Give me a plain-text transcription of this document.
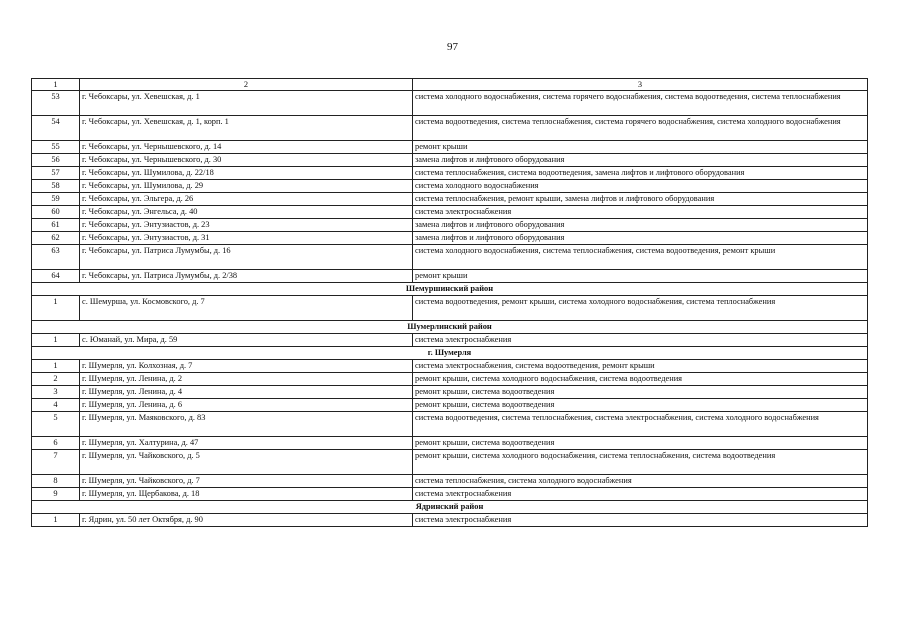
97
1	2	3
53	г. Чебоксары, ул. Хевешская, д. 1	система холодного водоснабжения, система горячего водоснабжения, система водоотведения, система теплоснабжения
54	г. Чебоксары, ул. Хевешская, д. 1, корп. 1	система водоотведения, система теплоснабжения, система горячего водоснабжения, система холодного водоснабжения
55	г. Чебоксары, ул. Чернышевского, д. 14	ремонт крыши
56	г. Чебоксары, ул. Чернышевского, д. 30	замена лифтов и лифтового оборудования
57	г. Чебоксары, ул. Шумилова, д. 22/18	система теплоснабжения, система водоотведения, замена лифтов и лифтового оборудования
58	г. Чебоксары, ул. Шумилова, д. 29	система холодного водоснабжения
59	г. Чебоксары, ул. Эльгера, д. 26	система теплоснабжения, ремонт крыши, замена лифтов и лифтового оборудования
60	г. Чебоксары, ул. Энгельса, д. 40	система электроснабжения
61	г. Чебоксары, ул. Энтузиастов, д. 23	замена лифтов и лифтового оборудования
62	г. Чебоксары, ул. Энтузиастов, д. 31	замена лифтов и лифтового оборудования
63	г. Чебоксары, ул. Патриса Лумумбы, д. 16	система холодного водоснабжения, система теплоснабжения, система водоотведения, ремонт крыши
64	г. Чебоксары, ул. Патриса Лумумбы, д. 2/38	ремонт крыши
Шемуршинский район		
1	с. Шемурша, ул. Космовского, д. 7	система водоотведения, ремонт крыши, система холодного водоснабжения, система теплоснабжения
Шумерлинский район		
1	с. Юманай, ул. Мира, д. 59	система электроснабжения
г. Шумерля		
1	г. Шумерля, ул. Колхозная, д. 7	система электроснабжения, система водоотведения, ремонт крыши
2	г. Шумерля, ул. Ленина, д. 2	ремонт крыши, система холодного водоснабжения, система водоотведения
3	г. Шумерля, ул. Ленина, д. 4	ремонт крыши, система водоотведения
4	г. Шумерля, ул. Ленина, д. 6	ремонт крыши, система водоотведения
5	г. Шумерля, ул. Маяковского, д. 83	система водоотведения, система теплоснабжения, система электроснабжения, система холодного водоснабжения
6	г. Шумерля, ул. Халтурина, д. 47	ремонт крыши, система водоотведения
7	г. Шумерля, ул. Чайковского, д. 5	ремонт крыши, система холодного водоснабжения, система теплоснабжения, система водоотведения
8	г. Шумерля, ул. Чайковского, д. 7	система теплоснабжения, система холодного водоснабжения
9	г. Шумерля, ул. Щербакова, д. 18	система электроснабжения
Ядринский район		
1	г. Ядрин, ул. 50 лет Октября, д. 90	система электроснабжения
